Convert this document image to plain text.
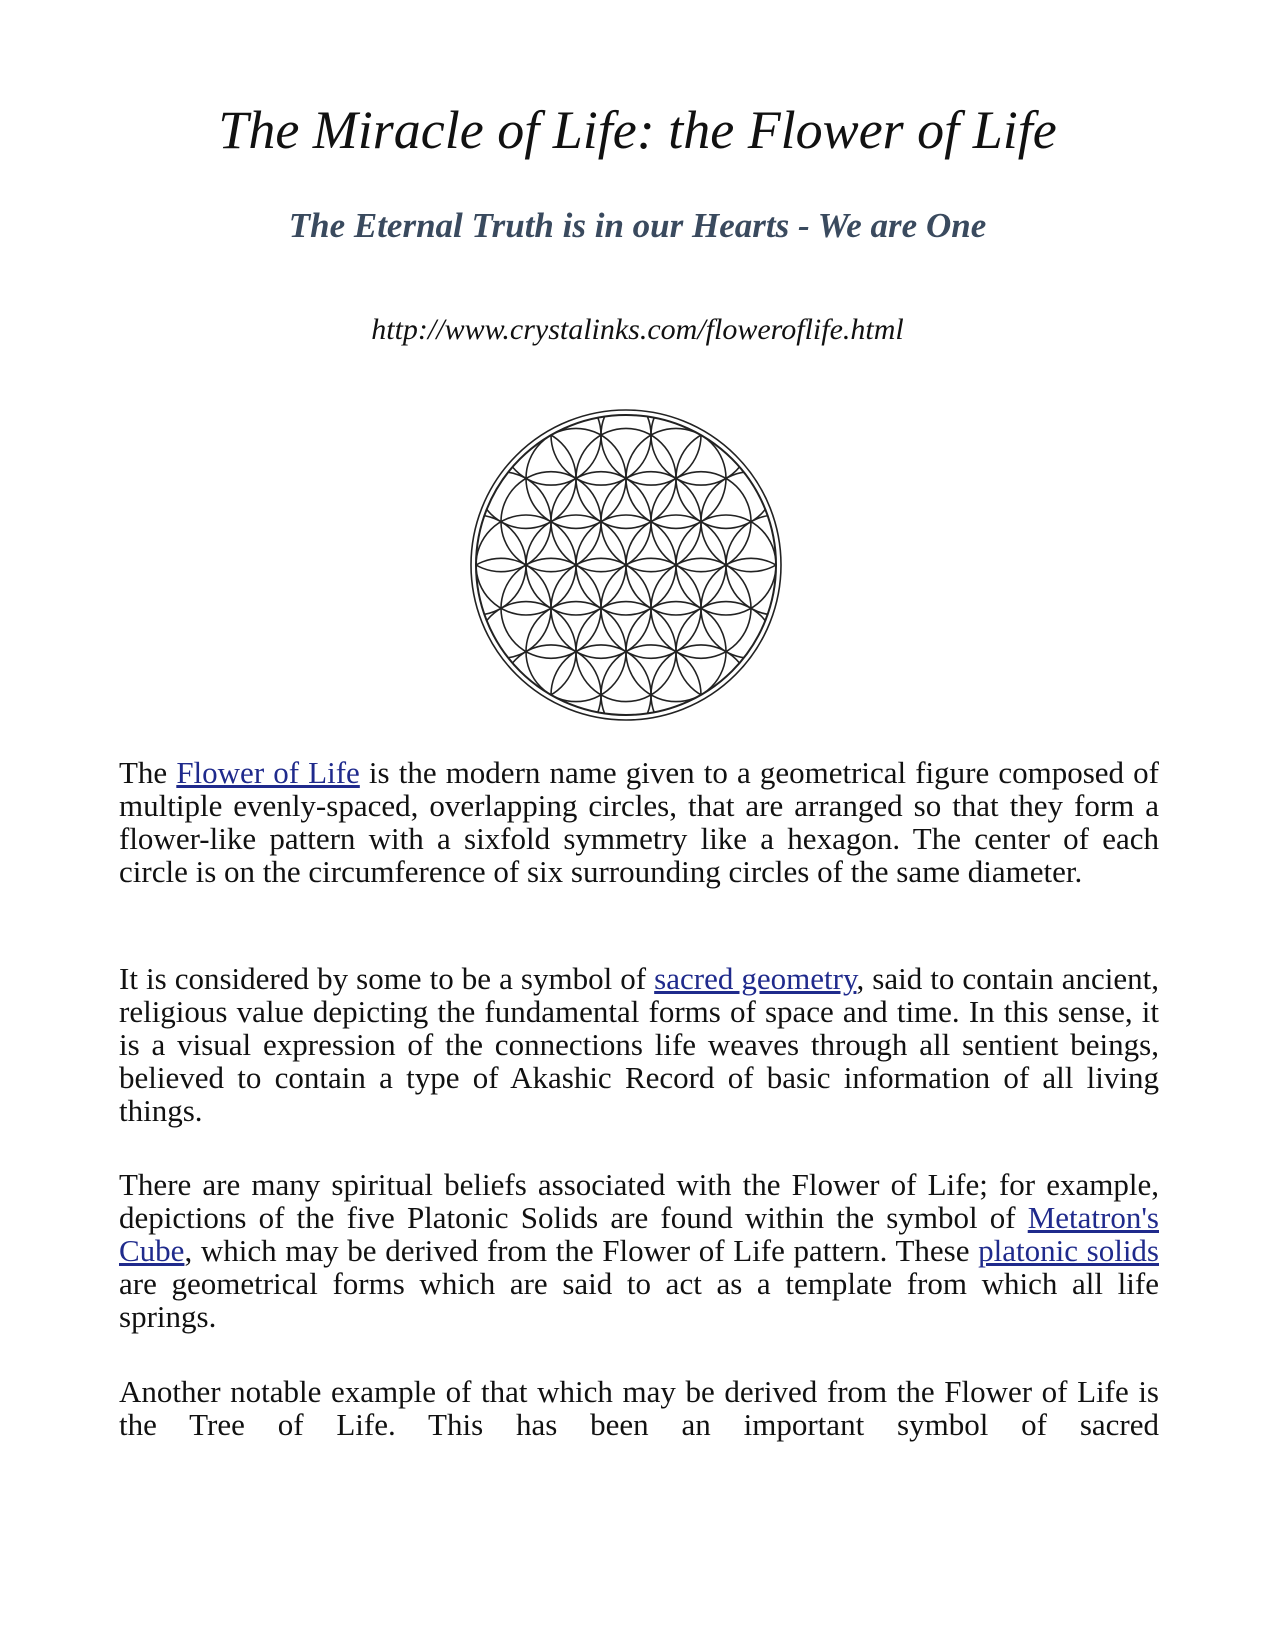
The Miracle of Life: the Flower of Life
The Eternal Truth is in our Hearts - We are One

http://www.crystalinks.com/floweroflife.html

The Flower of Life is the modern name given to a geometrical figure composed of multiple evenly-spaced, overlapping circles, that are arranged so that they form a flower-like pattern with a sixfold symmetry like a hexagon. The center of each circle is on the circumference of six surrounding circles of the same diameter.

It is considered by some to be a symbol of sacred geometry, said to contain ancient, religious value depicting the fundamental forms of space and time. In this sense, it is a visual expression of the connections life weaves through all sentient beings, believed to contain a type of Akashic Record of basic information of all living things.

There are many spiritual beliefs associated with the Flower of Life; for example, depictions of the five Platonic Solids are found within the symbol of Metatron's Cube, which may be derived from the Flower of Life pattern. These platonic solids are geometrical forms which are said to act as a template from which all life springs.

Another notable example of that which may be derived from the Flower of Life is the Tree of Life. This has been an important symbol of sacred
